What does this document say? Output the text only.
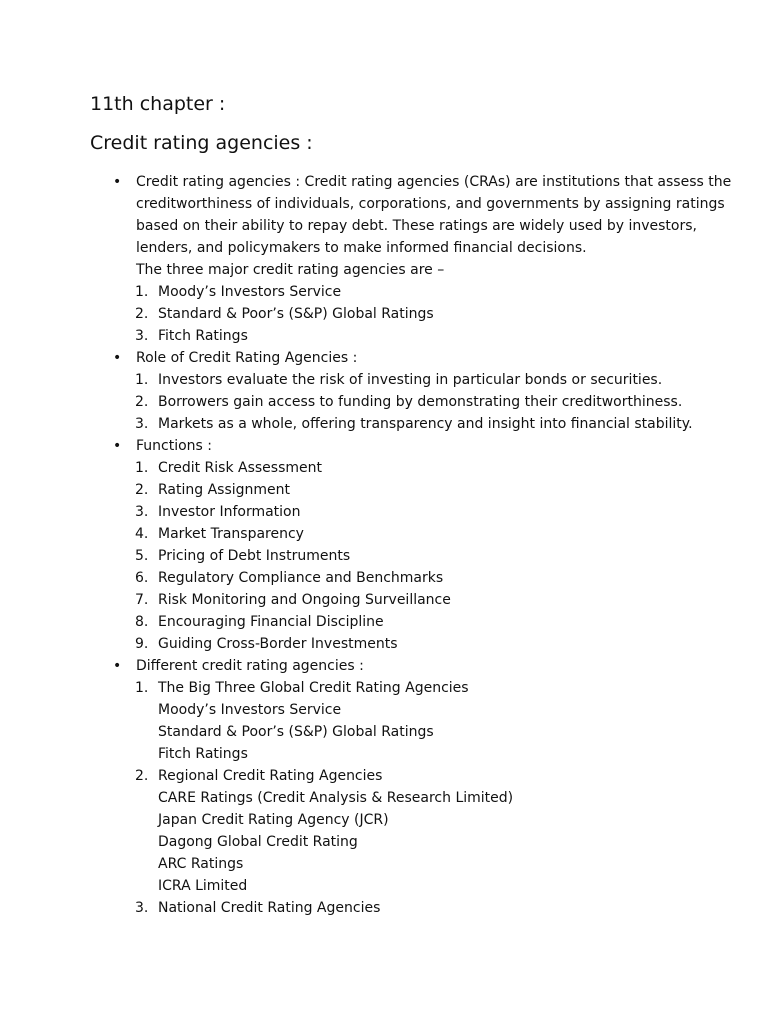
11th chapter :
Credit rating agencies :
• Credit rating agencies : Credit rating agencies (CRAs) are institutions that assess the
creditworthiness of individuals, corporations, and governments by assigning ratings
based on their ability to repay debt. These ratings are widely used by investors,
lenders, and policymakers to make informed financial decisions.
The three major credit rating agencies are –
1. Moody’s Investors Service
2. Standard & Poor’s (S&P) Global Ratings
3. Fitch Ratings
• Role of Credit Rating Agencies :
1. Investors evaluate the risk of investing in particular bonds or securities.
2. Borrowers gain access to funding by demonstrating their creditworthiness.
3. Markets as a whole, offering transparency and insight into financial stability.
• Functions :
1. Credit Risk Assessment
2. Rating Assignment
3. Investor Information
4. Market Transparency
5. Pricing of Debt Instruments
6. Regulatory Compliance and Benchmarks
7. Risk Monitoring and Ongoing Surveillance
8. Encouraging Financial Discipline
9. Guiding Cross-Border Investments
• Different credit rating agencies :
1. The Big Three Global Credit Rating Agencies
Moody’s Investors Service
Standard & Poor’s (S&P) Global Ratings
Fitch Ratings
2. Regional Credit Rating Agencies
CARE Ratings (Credit Analysis & Research Limited)
Japan Credit Rating Agency (JCR)
Dagong Global Credit Rating
ARC Ratings
ICRA Limited
3. National Credit Rating Agencies
